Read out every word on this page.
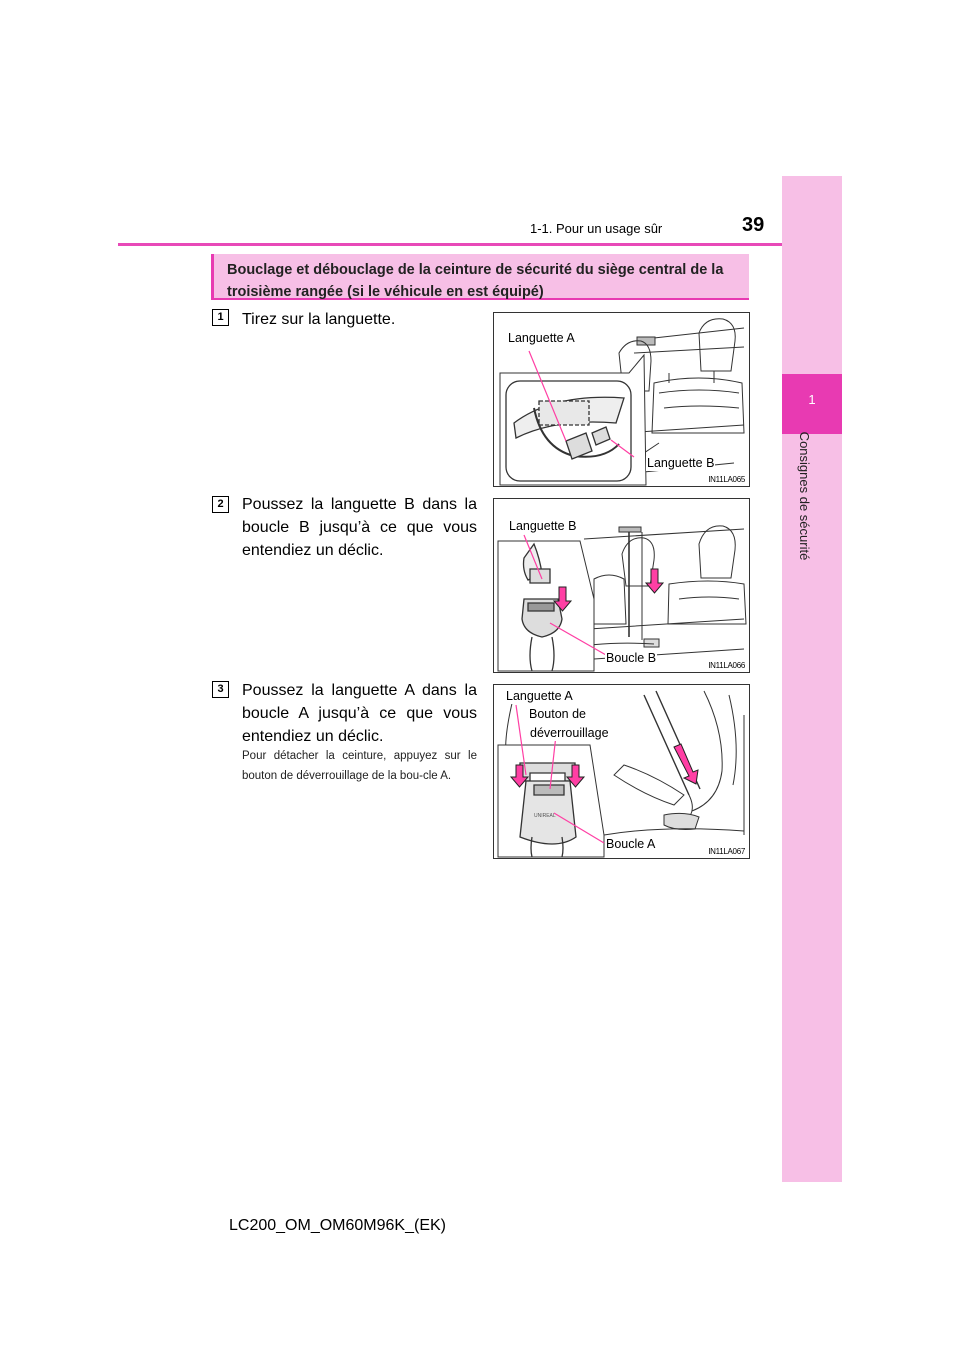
1-1. Pour un usage sûr	39
1
Consignes de sécurité
Bouclage et débouclage de la ceinture de sécurité du siège central de la troisième rangée (si le véhicule en est équipé)
1	Tirez sur la languette.
2	Poussez la languette B dans la boucle B jusqu’à ce que vous entendiez un déclic.
3	Poussez la languette A dans la boucle A jusqu’à ce que vous entendiez un déclic.
Pour détacher la ceinture, appuyez sur le bouton de déverrouillage de la bou-cle A.
Languette A
Languette B
IN11LA065
Languette B
Boucle B
IN11LA066
UNIREAL
Languette A
Bouton de
déverrouillage
Boucle A
IN11LA067
LC200_OM_OM60M96K_(EK)
